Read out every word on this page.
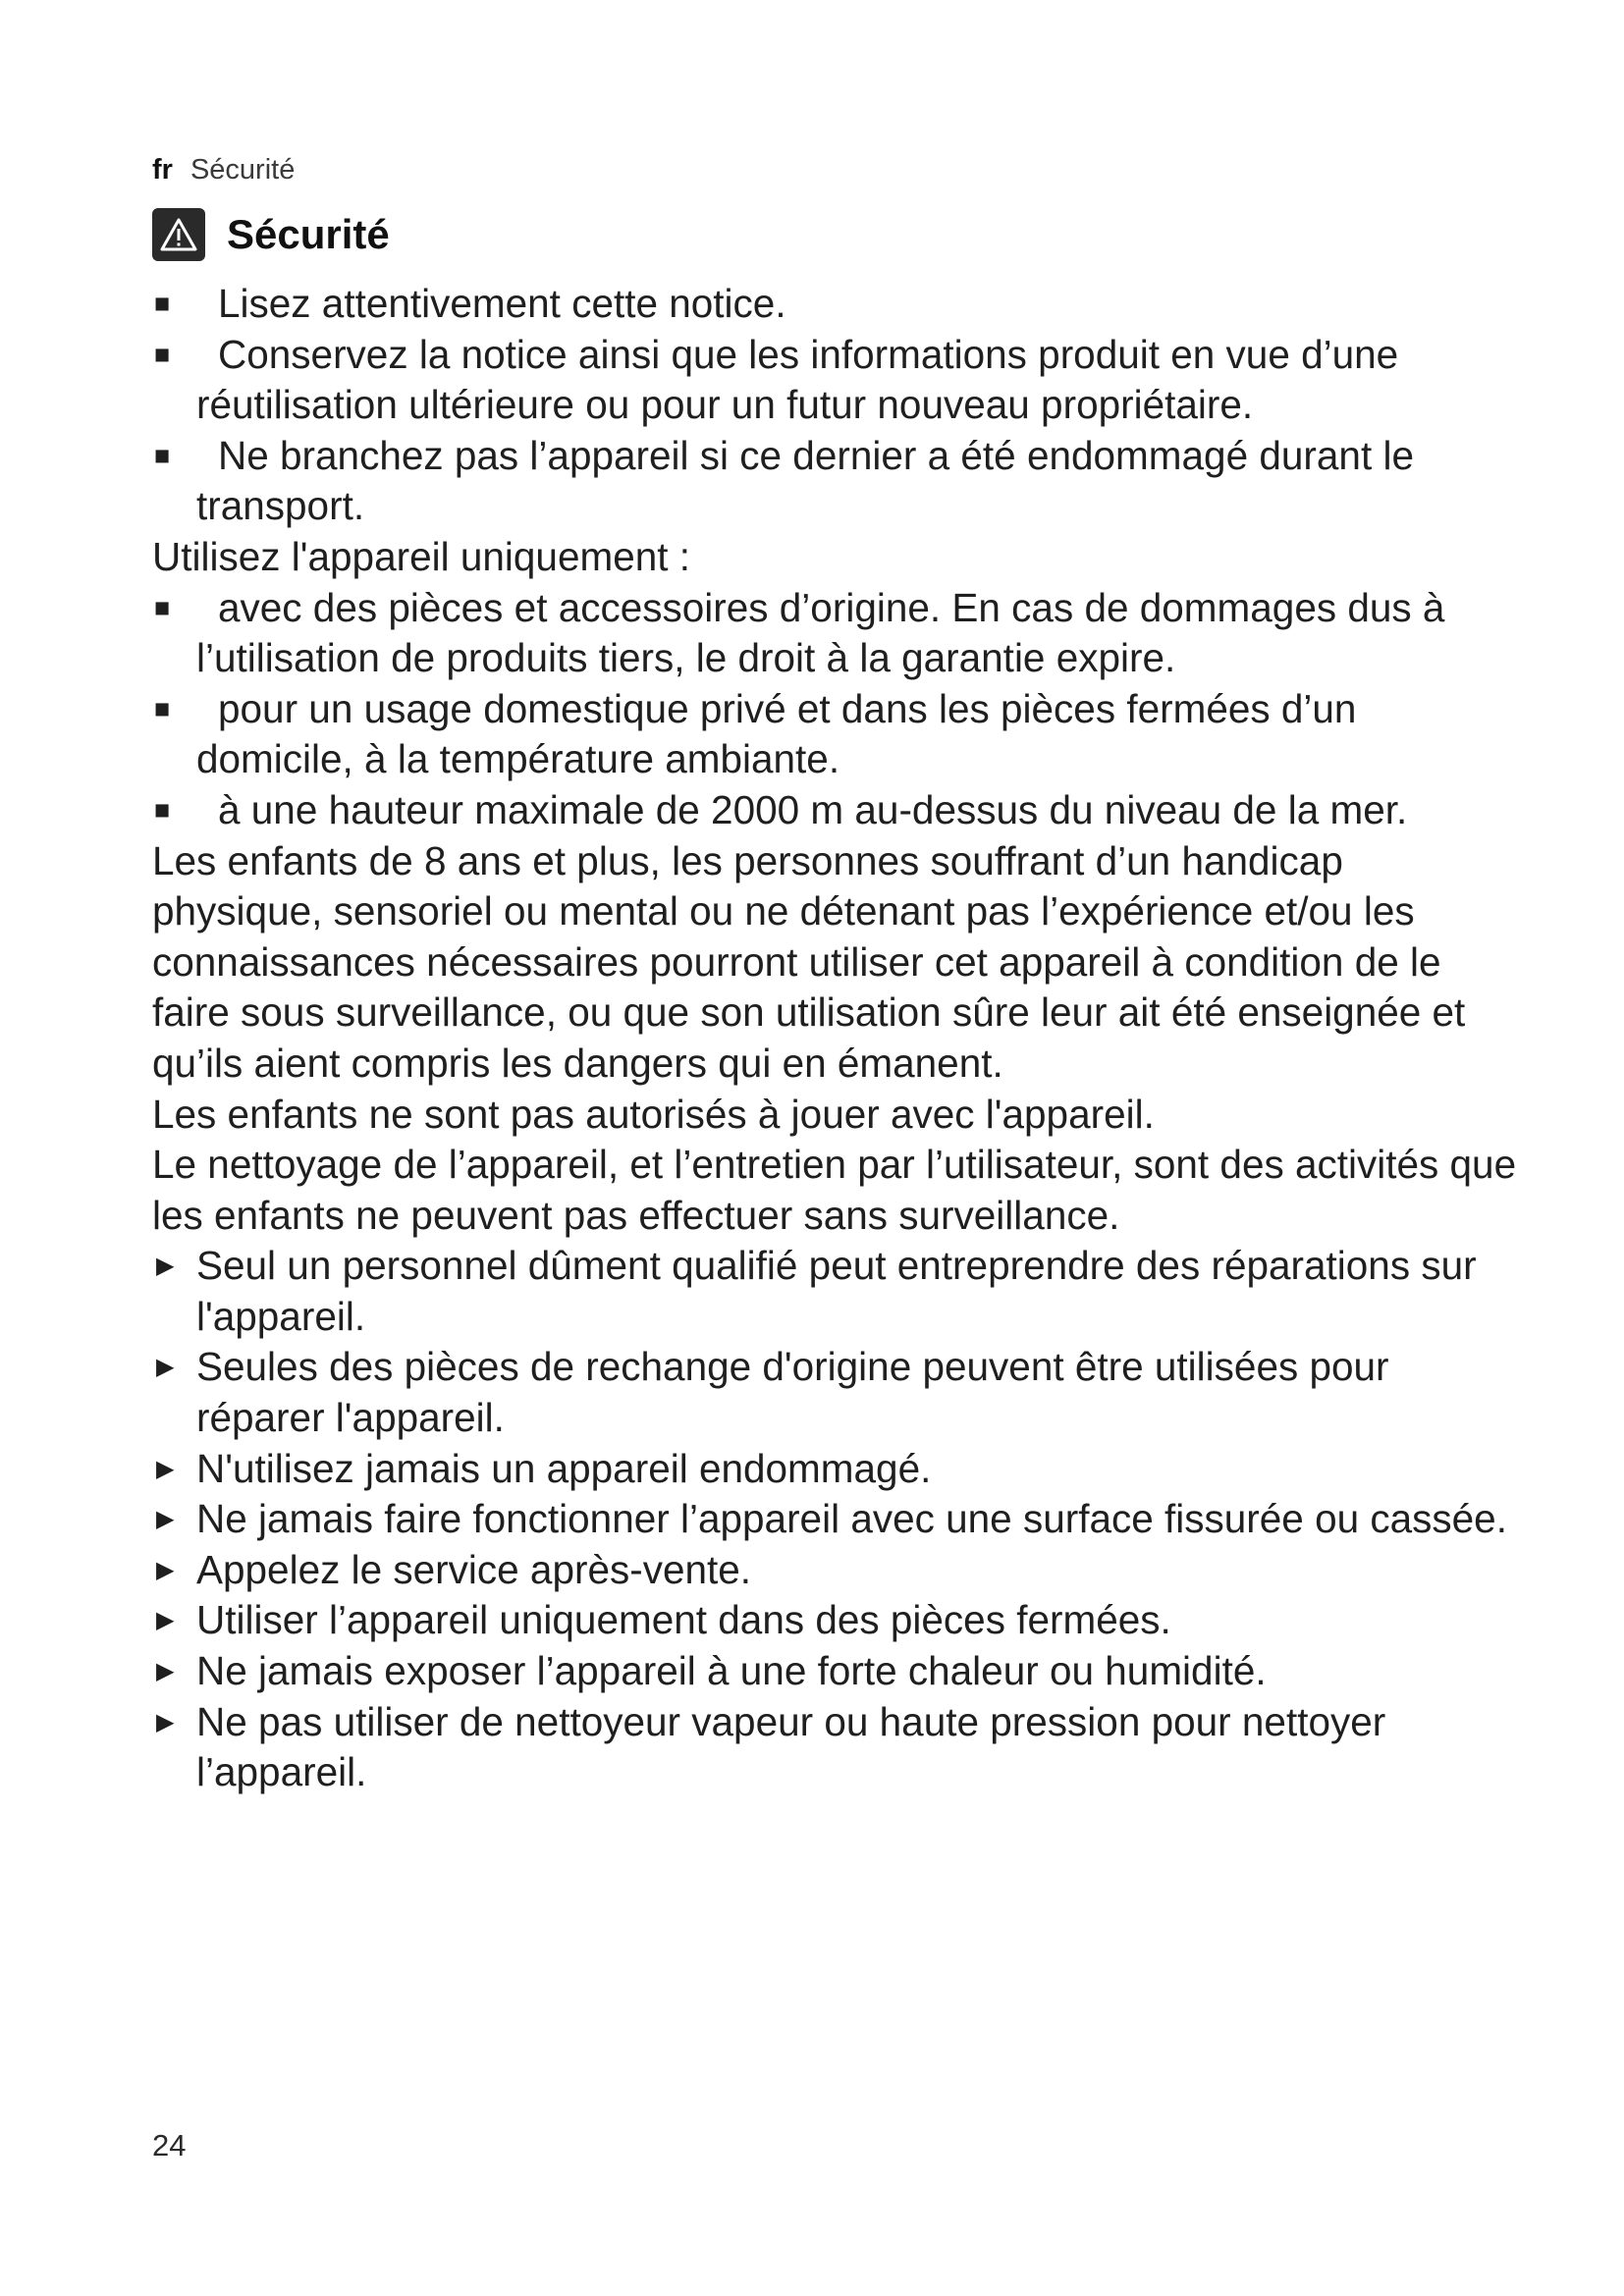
fr Sécurité
Sécurité
■ Lisez attentivement cette notice.
■ Conservez la notice ainsi que les informations produit en vue d’une réutilisation ultérieure ou pour un futur nouveau propriétaire.
■ Ne branchez pas l’appareil si ce dernier a été endommagé durant le transport.
Utilisez l'appareil uniquement :
■ avec des pièces et accessoires d’origine. En cas de dommages dus à l’utilisation de produits tiers, le droit à la garantie expire.
■ pour un usage domestique privé et dans les pièces fermées d’un domicile, à la température ambiante.
■ à une hauteur maximale de 2000 m au-dessus du niveau de la mer.
Les enfants de 8 ans et plus, les personnes souffrant d’un handicap physique, sensoriel ou mental ou ne détenant pas l’expérience et/ou les connaissances nécessaires pourront utiliser cet appareil à condition de le faire sous surveillance, ou que son utilisation sûre leur ait été enseignée et qu’ils aient compris les dangers qui en émanent.
Les enfants ne sont pas autorisés à jouer avec l'appareil.
Le nettoyage de l’appareil, et l’entretien par l’utilisateur, sont des activités que les enfants ne peuvent pas effectuer sans surveillance.
▶ Seul un personnel dûment qualifié peut entreprendre des réparations sur l'appareil.
▶ Seules des pièces de rechange d'origine peuvent être utilisées pour réparer l'appareil.
▶ N'utilisez jamais un appareil endommagé.
▶ Ne jamais faire fonctionner l’appareil avec une surface fissurée ou cassée.
▶ Appelez le service après-vente.
▶ Utiliser l’appareil uniquement dans des pièces fermées.
▶ Ne jamais exposer l’appareil à une forte chaleur ou humidité.
▶ Ne pas utiliser de nettoyeur vapeur ou haute pression pour nettoyer l’appareil.
24
